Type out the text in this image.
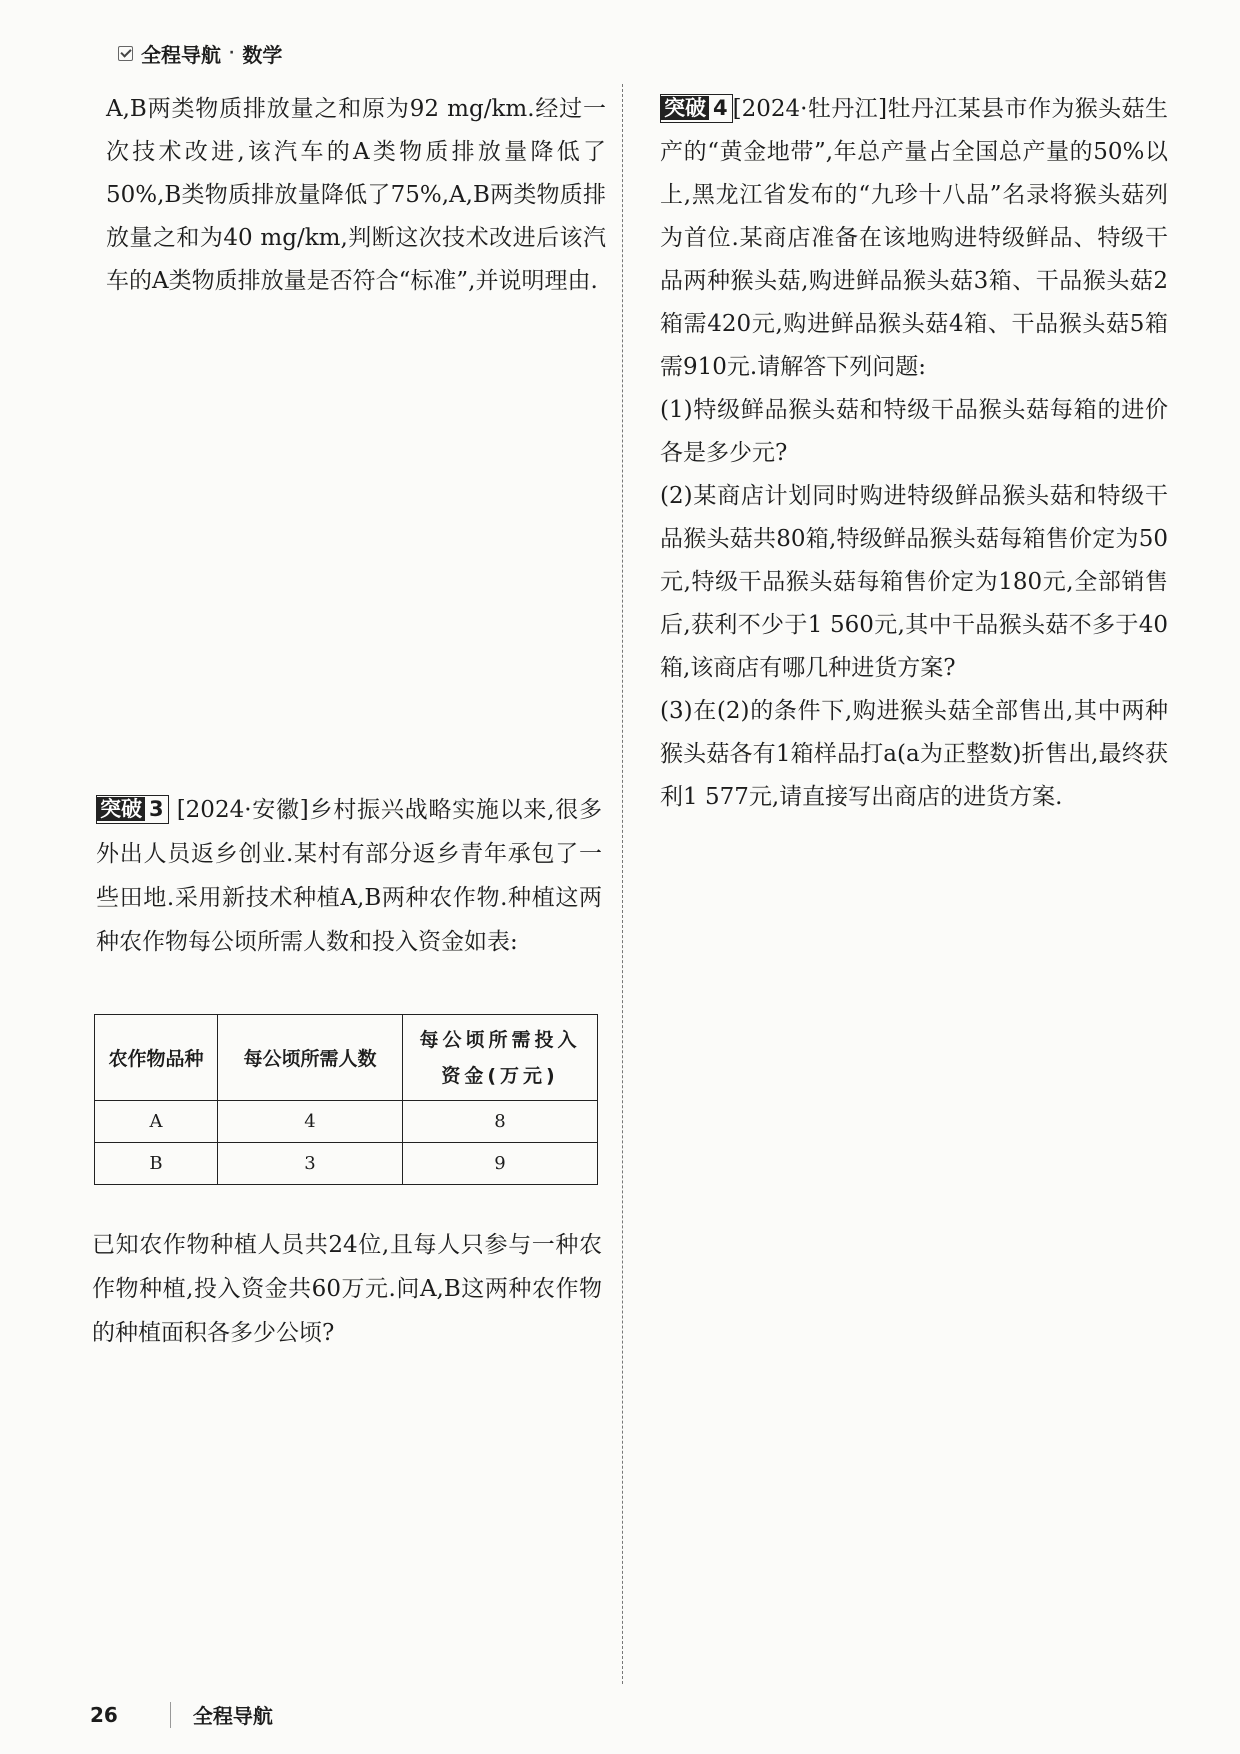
全程导航 · 数学

A,B两类物质排放量之和原为92 mg/km.经过一次技术改进,该汽车的A类物质排放量降低了50%,B类物质排放量降低了75%,A,B两类物质排放量之和为40 mg/km,判断这次技术改进后该汽车的A类物质排放量是否符合“标准”,并说明理由.

突破 3 [2024·安徽]乡村振兴战略实施以来,很多外出人员返乡创业.某村有部分返乡青年承包了一些田地.采用新技术种植A,B两种农作物.种植这两种农作物每公顷所需人数和投入资金如表:
农作物品种	每公顷所需人数	每公顷所需投入资金(万元)
A	4	8
B	3	9

已知农作物种植人员共24位,且每人只参与一种农作物种植,投入资金共60万元.问A,B这两种农作物的种植面积各多少公顷?

突破 4 [2024·牡丹江]牡丹江某县市作为猴头菇生产的“黄金地带”,年总产量占全国总产量的50%以上,黑龙江省发布的“九珍十八品”名录将猴头菇列为首位.某商店准备在该地购进特级鲜品、特级干品两种猴头菇,购进鲜品猴头菇3箱、干品猴头菇2箱需420元,购进鲜品猴头菇4箱、干品猴头菇5箱需910元.请解答下列问题:

(1)特级鲜品猴头菇和特级干品猴头菇每箱的进价各是多少元?

(2)某商店计划同时购进特级鲜品猴头菇和特级干品猴头菇共80箱,特级鲜品猴头菇每箱售价定为50元,特级干品猴头菇每箱售价定为180元,全部销售后,获利不少于1 560元,其中干品猴头菇不多于40箱,该商店有哪几种进货方案?

(3)在(2)的条件下,购进猴头菇全部售出,其中两种猴头菇各有1箱样品打a(a为正整数)折售出,最终获利1 577元,请直接写出商店的进货方案.

26	全程导航
